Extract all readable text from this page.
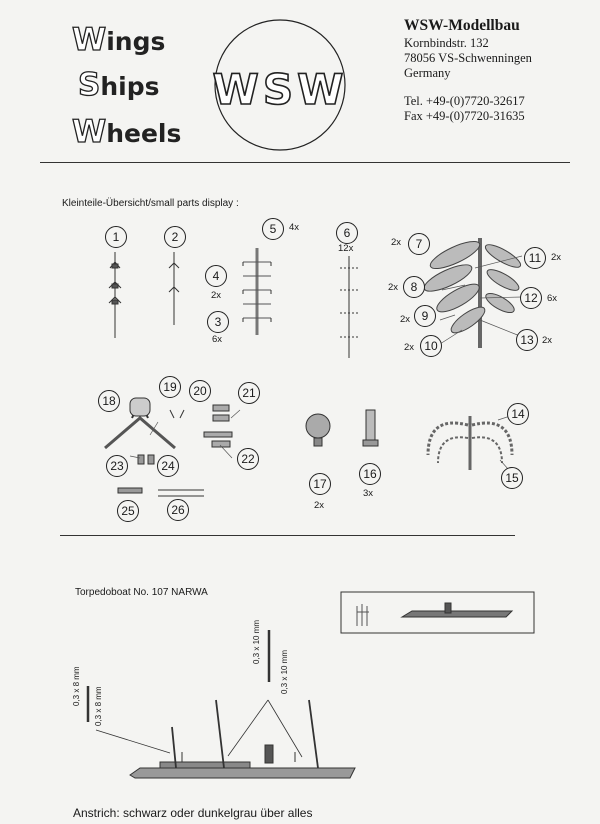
Wings
Ships
Wheels
WSW
WSW-Modellbau
Kornbindstr. 132
78056 VS-Schwenningen
Germany
Tel. +49-(0)7720-32617
Fax +49-(0)7720-31635
Kleinteile-Übersicht/small parts display :
1	2
3
6x
4
2x
5	4x	6
12x	7
2x
8
2x
9
2x
10
2x
11	2x
12 6x
13 2x
14
15
16
3x
17
2x
18
19	20	21
22
23	24
25	26
Torpedoboat No. 107 NARWA
0,3 x 8 mm
0,3 x 8 mm
0,3 x 10 mm
0,3 x 10 mm
Anstrich: schwarz oder dunkelgrau über alles
